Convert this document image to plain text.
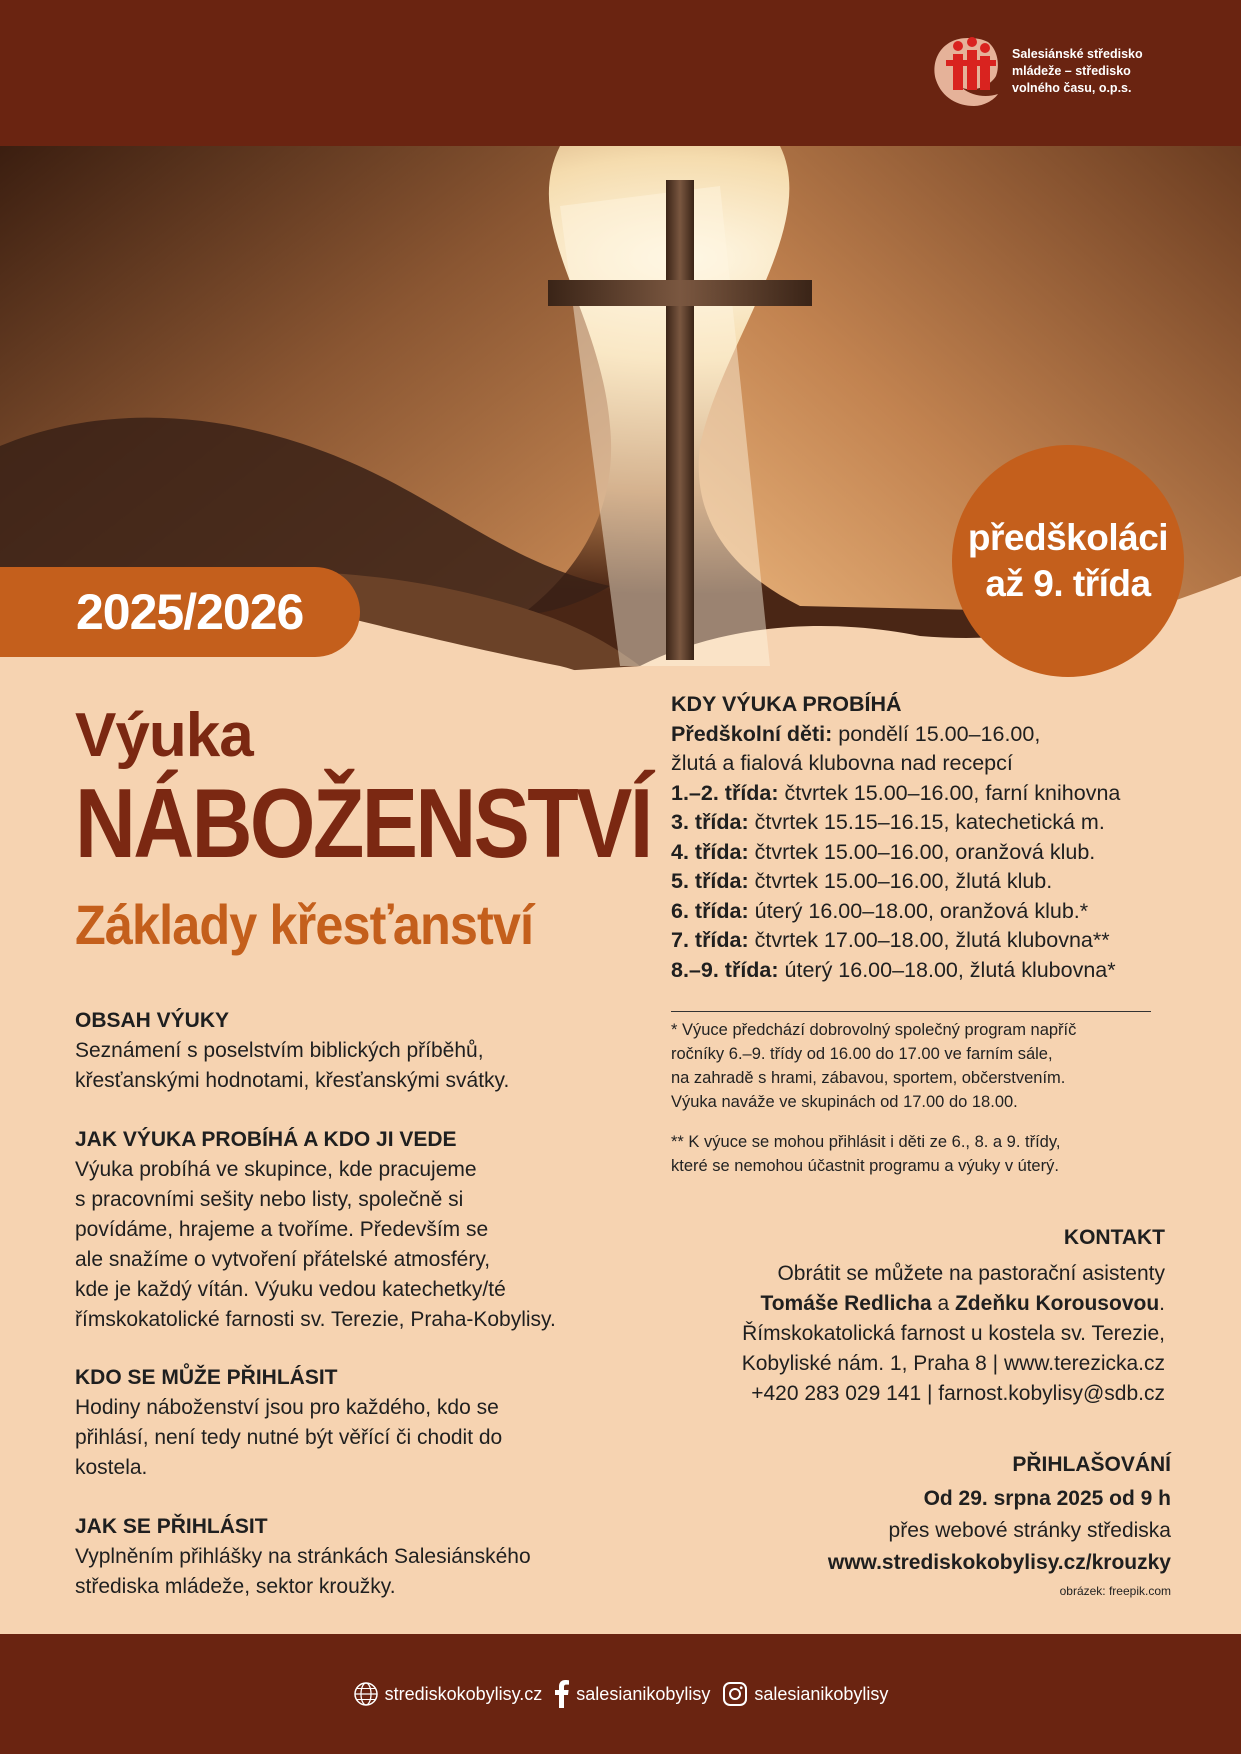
Salesiánské středisko
mládeže – středisko
volného času, o.p.s.
2025/2026
předškoláci
až 9. třída
Výuka
NÁBOŽENSTVÍ
Základy křesťanství
OBSAH VÝUKY

Seznámení s poselstvím biblických příběhů,

křesťanskými hodnotami, křesťanskými svátky.

JAK VÝUKA PROBÍHÁ A KDO JI VEDE

Výuka probíhá ve skupince, kde pracujeme

s pracovními sešity nebo listy, společně si

povídáme, hrajeme a tvoříme. Především se

ale snažíme o vytvoření přátelské atmosféry,

kde je každý vítán. Výuku vedou katechetky/té

římskokatolické farnosti sv. Terezie, Praha-Kobylisy.

KDO SE MŮŽE PŘIHLÁSIT

Hodiny náboženství jsou pro každého, kdo se

přihlásí, není tedy nutné být věřící či chodit do

kostela.

JAK SE PŘIHLÁSIT

Vyplněním přihlášky na stránkách Salesiánského

střediska mládeže, sektor kroužky.

KDY VÝUKA PROBÍHÁ
Předškolní děti: pondělí 15.00–16.00,
žlutá a fialová klubovna nad recepcí
1.–2. třída: čtvrtek 15.00–16.00, farní knihovna
3. třída: čtvrtek 15.15–16.15, katechetická m.
4. třída: čtvrtek 15.00–16.00, oranžová klub.
5. třída: čtvrtek 15.00–16.00, žlutá klub.
6. třída: úterý 16.00–18.00, oranžová klub.*
7. třída: čtvrtek 17.00–18.00, žlutá klubovna**
8.–9. třída: úterý 16.00–18.00, žlutá klubovna*
* Výuce předchází dobrovolný společný program napříč
ročníky 6.–9. třídy od 16.00 do 17.00 ve farním sále,
na zahradě s hrami, zábavou, sportem, občerstvením.
Výuka naváže ve skupinách od 17.00 do 18.00.
** K výuce se mohou přihlásit i děti ze 6., 8. a 9. třídy,
které se nemohou účastnit programu a výuky v úterý.
KONTAKT
Obrátit se můžete na pastorační asistenty
Tomáše Redlicha a Zdeňku Korousovou.
Římskokatolická farnost u kostela sv. Terezie,
Kobyliské nám. 1, Praha 8 | www.terezicka.cz
+420 283 029 141 | farnost.kobylisy@sdb.cz
PŘIHLAŠOVÁNÍ
Od 29. srpna 2025 od 9 h
přes webové stránky střediska
www.strediskokobylisy.cz/krouzky
obrázek: freepik.com
strediskokobylisy.cz salesianikobylisy salesianikobylisy
